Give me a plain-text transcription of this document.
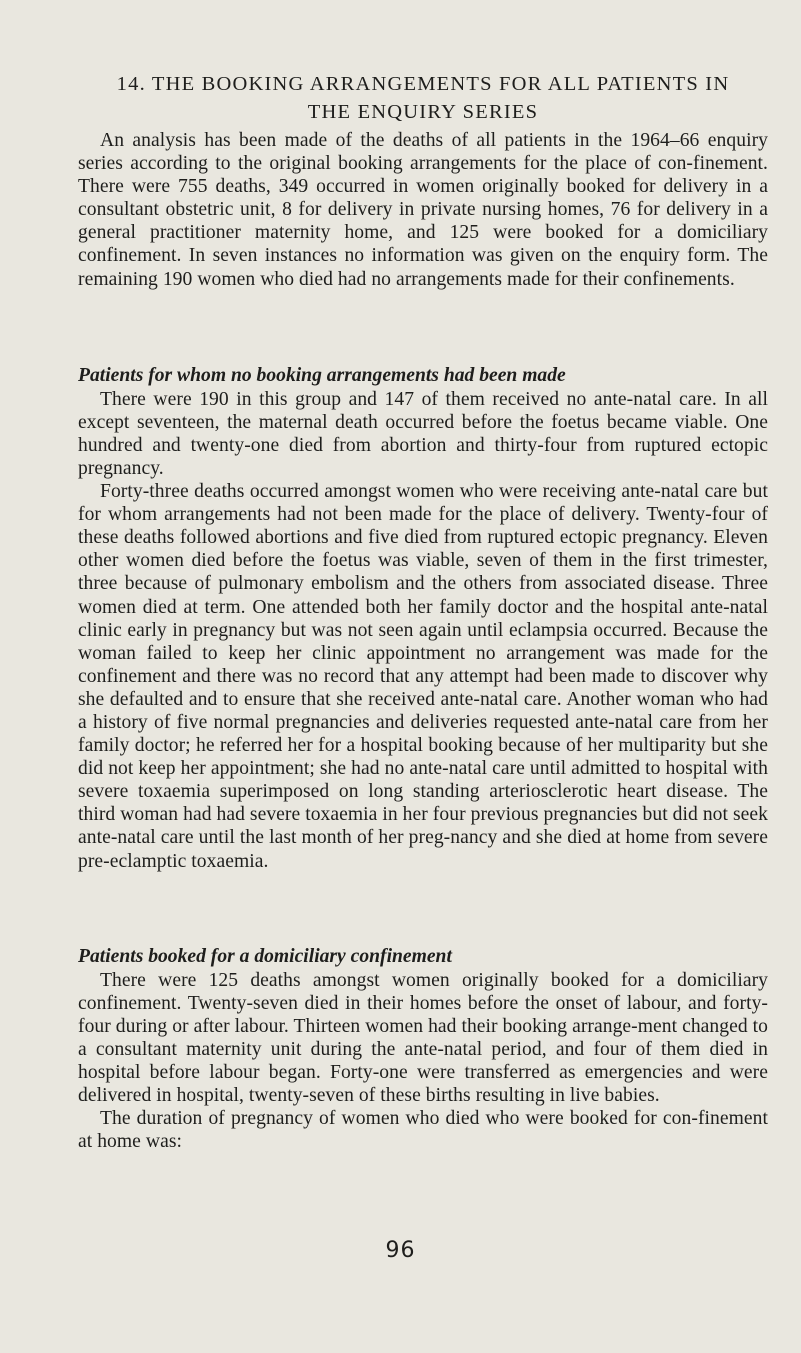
14. THE BOOKING ARRANGEMENTS FOR ALL PATIENTS IN
THE ENQUIRY SERIES

An analysis has been made of the deaths of all patients in the 1964–66 enquiry series according to the original booking arrangements for the place of con-finement. There were 755 deaths, 349 occurred in women originally booked for delivery in a consultant obstetric unit, 8 for delivery in private nursing homes, 76 for delivery in a general practitioner maternity home, and 125 were booked for a domiciliary confinement. In seven instances no information was given on the enquiry form. The remaining 190 women who died had no arrangements made for their confinements.

Patients for whom no booking arrangements had been made

There were 190 in this group and 147 of them received no ante-natal care. In all except seventeen, the maternal death occurred before the foetus became viable. One hundred and twenty-one died from abortion and thirty-four from ruptured ectopic pregnancy.

Forty-three deaths occurred amongst women who were receiving ante-natal care but for whom arrangements had not been made for the place of delivery. Twenty-four of these deaths followed abortions and five died from ruptured ectopic pregnancy. Eleven other women died before the foetus was viable, seven of them in the first trimester, three because of pulmonary embolism and the others from associated disease. Three women died at term. One attended both her family doctor and the hospital ante-natal clinic early in pregnancy but was not seen again until eclampsia occurred. Because the woman failed to keep her clinic appointment no arrangement was made for the confinement and there was no record that any attempt had been made to discover why she defaulted and to ensure that she received ante-natal care. Another woman who had a history of five normal pregnancies and deliveries requested ante-natal care from her family doctor; he referred her for a hospital booking because of her multiparity but she did not keep her appointment; she had no ante-natal care until admitted to hospital with severe toxaemia superimposed on long standing arteriosclerotic heart disease. The third woman had had severe toxaemia in her four previous pregnancies but did not seek ante-natal care until the last month of her preg-nancy and she died at home from severe pre-eclamptic toxaemia.

Patients booked for a domiciliary confinement

There were 125 deaths amongst women originally booked for a domiciliary confinement. Twenty-seven died in their homes before the onset of labour, and forty-four during or after labour. Thirteen women had their booking arrange-ment changed to a consultant maternity unit during the ante-natal period, and four of them died in hospital before labour began. Forty-one were transferred as emergencies and were delivered in hospital, twenty-seven of these births resulting in live babies.

The duration of pregnancy of women who died who were booked for con-finement at home was:

96
